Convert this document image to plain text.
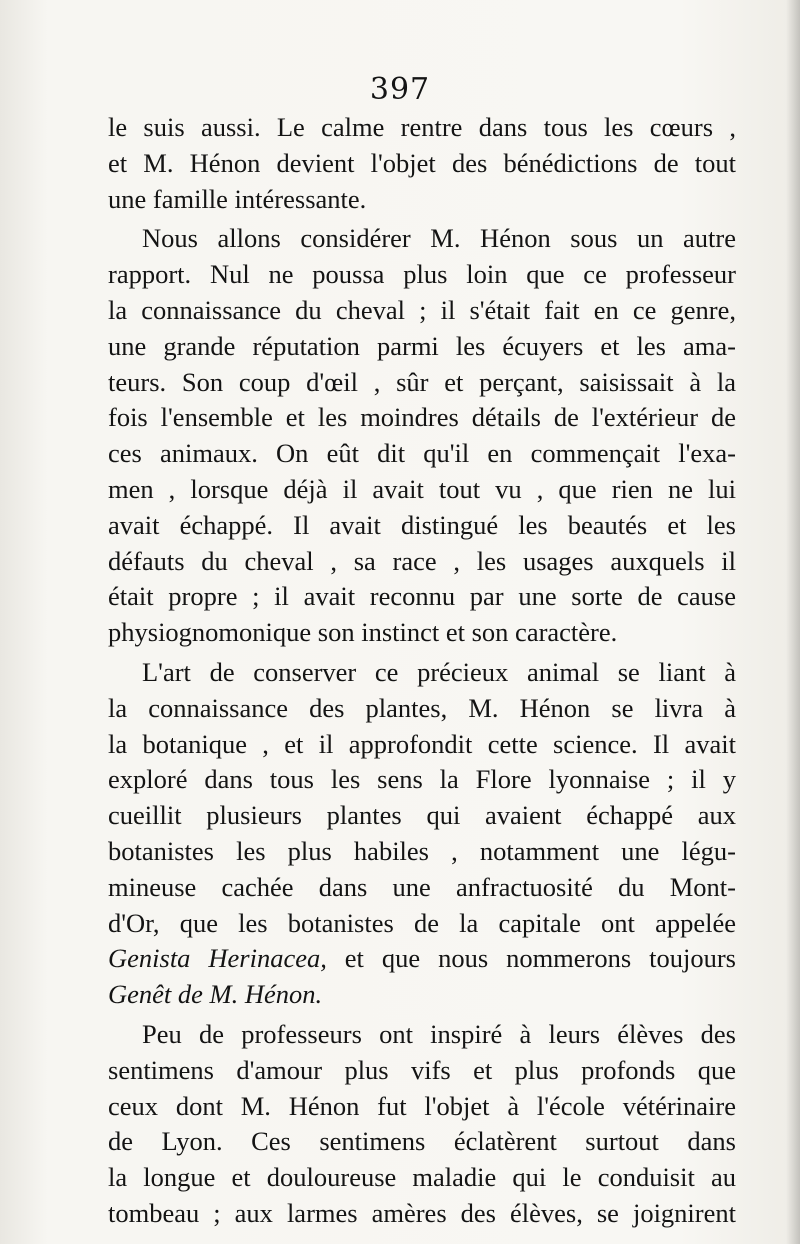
397
le suis aussi. Le calme rentre dans tous les cœurs ,
et M. Hénon devient l'objet des bénédictions de tout
une famille intéressante.
Nous allons considérer M. Hénon sous un autre
rapport. Nul ne poussa plus loin que ce professeur
la connaissance du cheval ; il s'était fait en ce genre,
une grande réputation parmi les écuyers et les ama-
teurs. Son coup d'œil , sûr et perçant, saisissait à la
fois l'ensemble et les moindres détails de l'extérieur de
ces animaux. On eût dit qu'il en commençait l'exa-
men , lorsque déjà il avait tout vu , que rien ne lui
avait échappé. Il avait distingué les beautés et les
défauts du cheval , sa race , les usages auxquels il
était propre ; il avait reconnu par une sorte de cause
physiognomonique son instinct et son caractère.
L'art de conserver ce précieux animal se liant à
la connaissance des plantes, M. Hénon se livra à
la botanique , et il approfondit cette science. Il avait
exploré dans tous les sens la Flore lyonnaise ; il y
cueillit plusieurs plantes qui avaient échappé aux
botanistes les plus habiles , notamment une légu-
mineuse cachée dans une anfractuosité du Mont-
d'Or, que les botanistes de la capitale ont appelée
Genista Herinacea, et que nous nommerons toujours
Genêt de M. Hénon.
Peu de professeurs ont inspiré à leurs élèves des
sentimens d'amour plus vifs et plus profonds que
ceux dont M. Hénon fut l'objet à l'école vétérinaire
de Lyon. Ces sentimens éclatèrent surtout dans
la longue et douloureuse maladie qui le conduisit au
tombeau ; aux larmes amères des élèves, se joignirent
